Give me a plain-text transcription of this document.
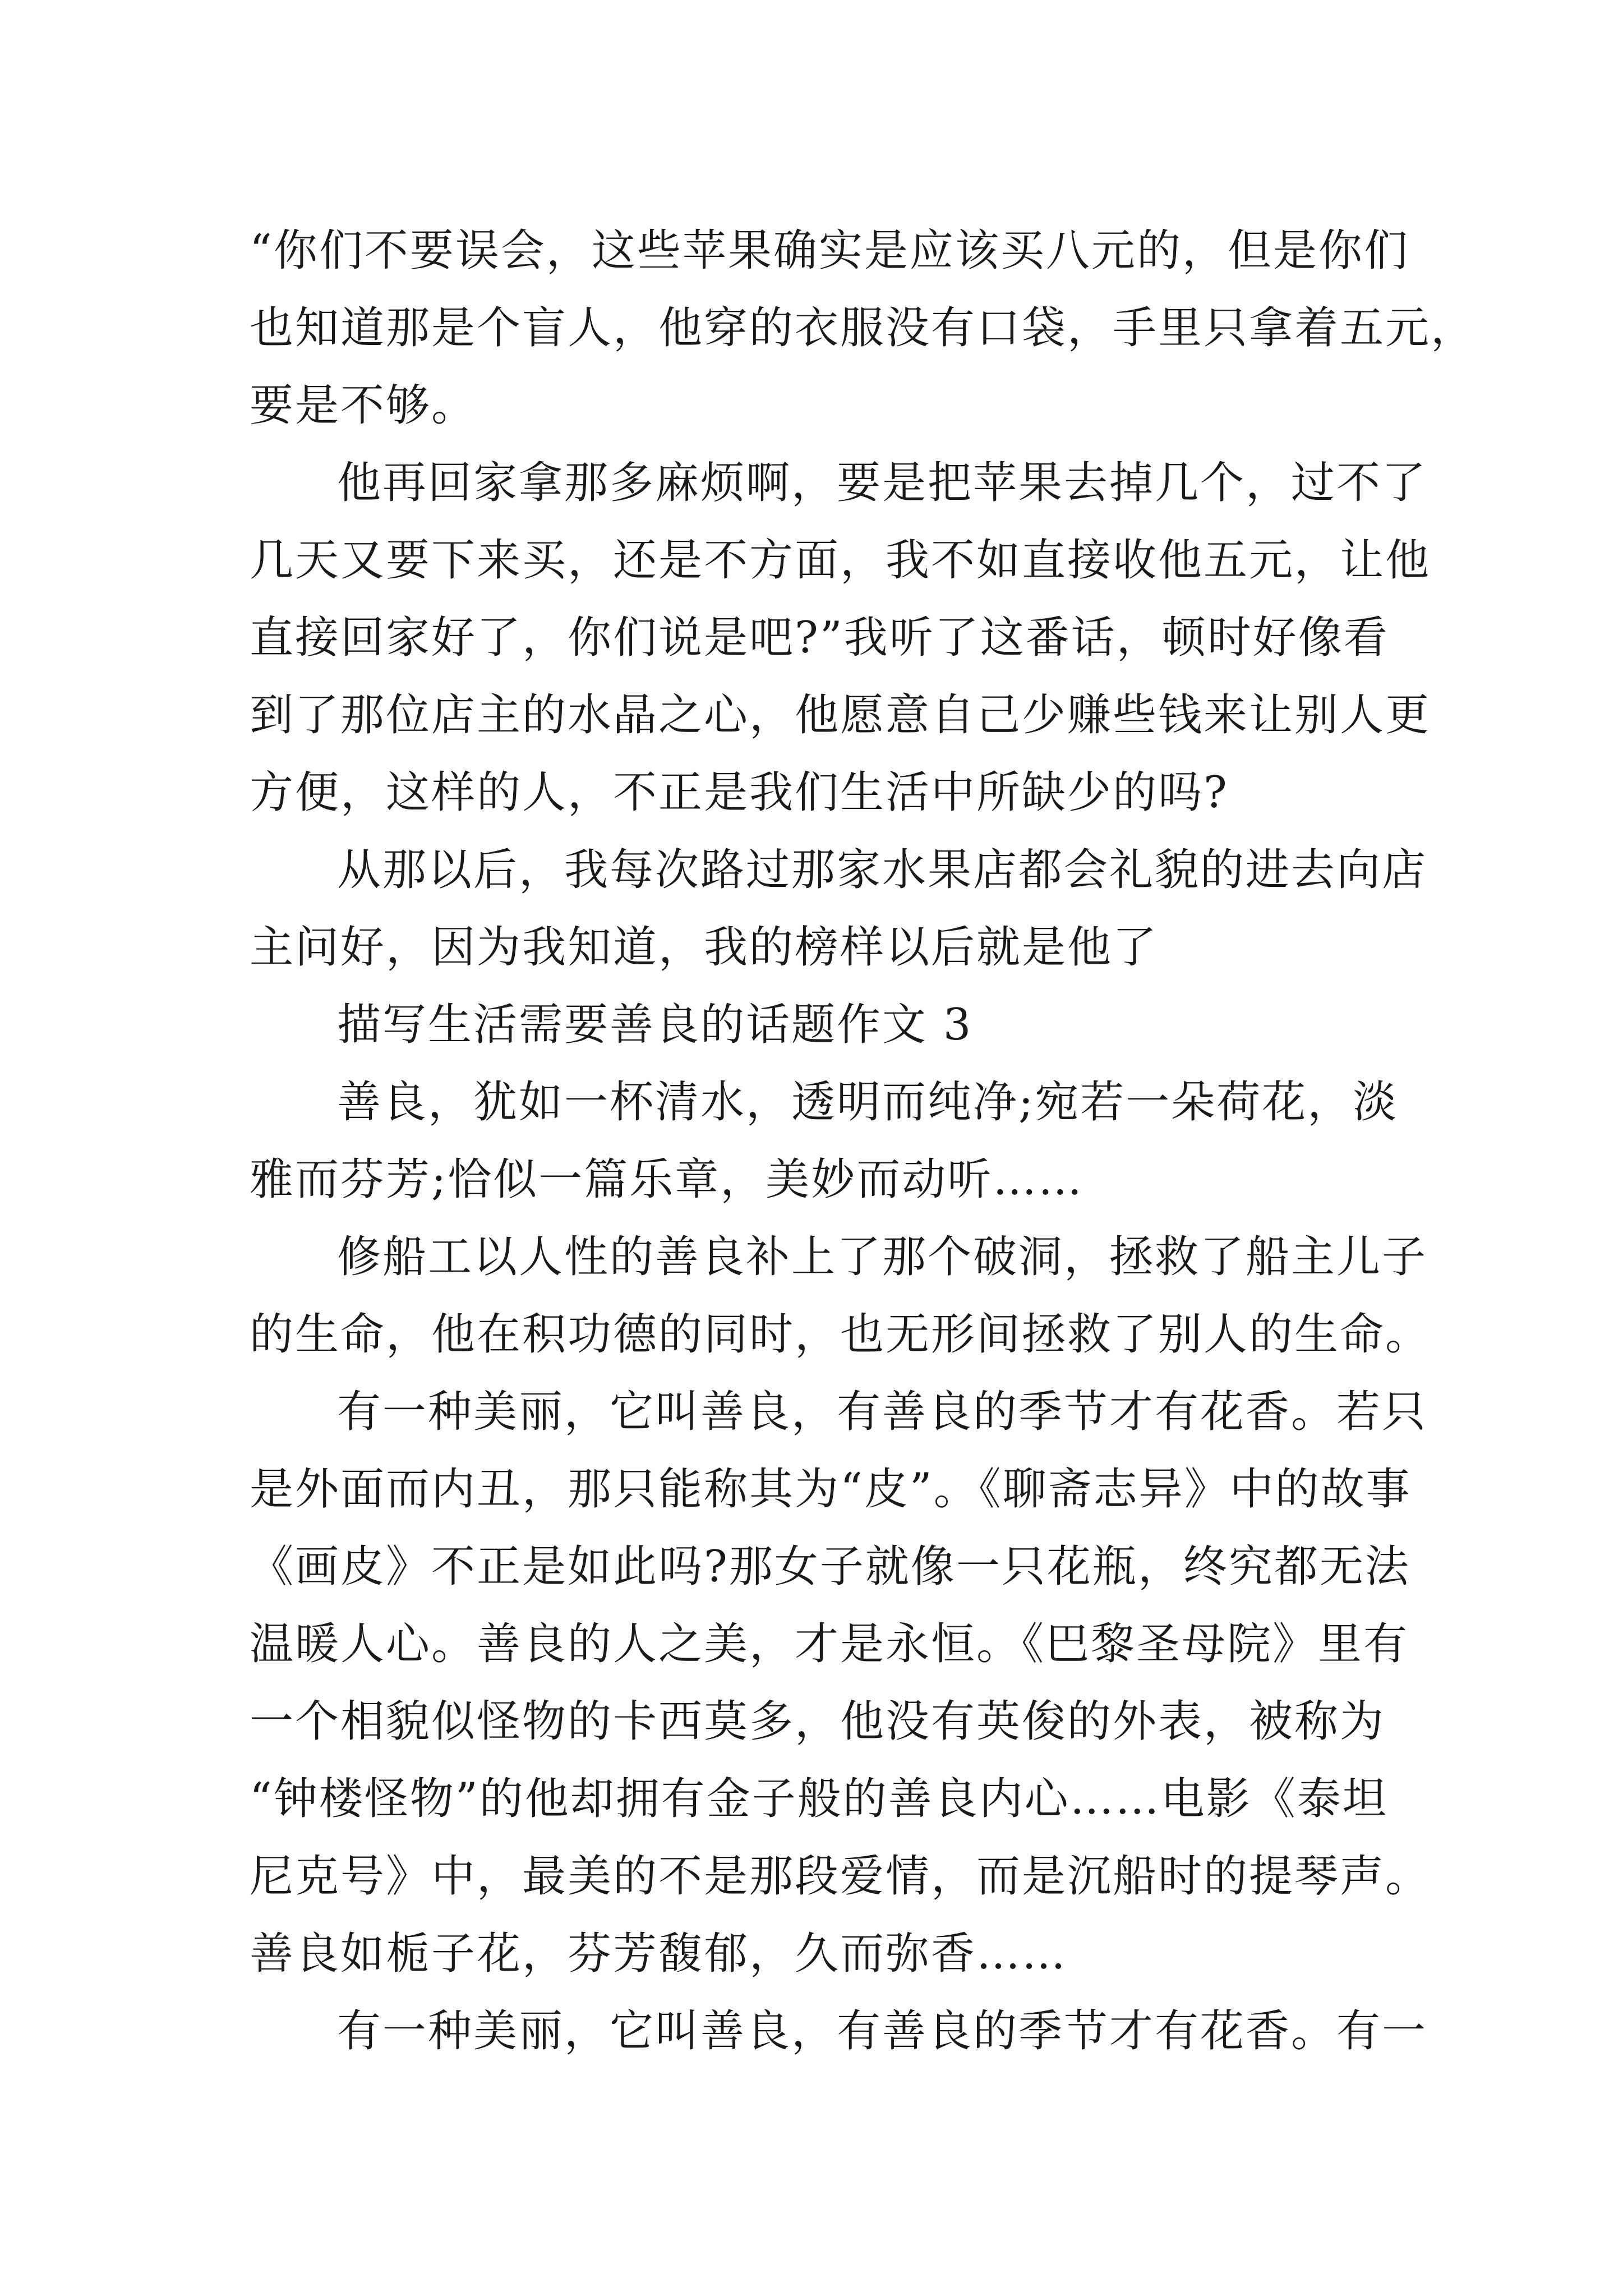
“你们不要误会，这些苹果确实是应该买八元的，但是你们
也知道那是个盲人，他穿的衣服没有口袋，手里只拿着五元，
要是不够。
他再回家拿那多麻烦啊，要是把苹果去掉几个，过不了
几天又要下来买，还是不方面，我不如直接收他五元，让他
直接回家好了，你们说是吧?”我听了这番话，顿时好像看
到了那位店主的水晶之心，他愿意自己少赚些钱来让别人更
方便，这样的人，不正是我们生活中所缺少的吗?
从那以后，我每次路过那家水果店都会礼貌的进去向店
主问好，因为我知道，我的榜样以后就是他了
描写生活需要善良的话题作文 3
善良，犹如一杯清水，透明而纯净;宛若一朵荷花，淡
雅而芬芳;恰似一篇乐章，美妙而动听……
修船工以人性的善良补上了那个破洞，拯救了船主儿子
的生命，他在积功德的同时，也无形间拯救了别人的生命。
有一种美丽，它叫善良，有善良的季节才有花香。若只
是外面而内丑，那只能称其为“皮”。《聊斋志异》中的故事
《画皮》不正是如此吗?那女子就像一只花瓶，终究都无法
温暖人心。善良的人之美，才是永恒。《巴黎圣母院》里有
一个相貌似怪物的卡西莫多，他没有英俊的外表，被称为
“钟楼怪物”的他却拥有金子般的善良内心……电影《泰坦
尼克号》中，最美的不是那段爱情，而是沉船时的提琴声。
善良如栀子花，芬芳馥郁，久而弥香……
有一种美丽，它叫善良，有善良的季节才有花香。有一
